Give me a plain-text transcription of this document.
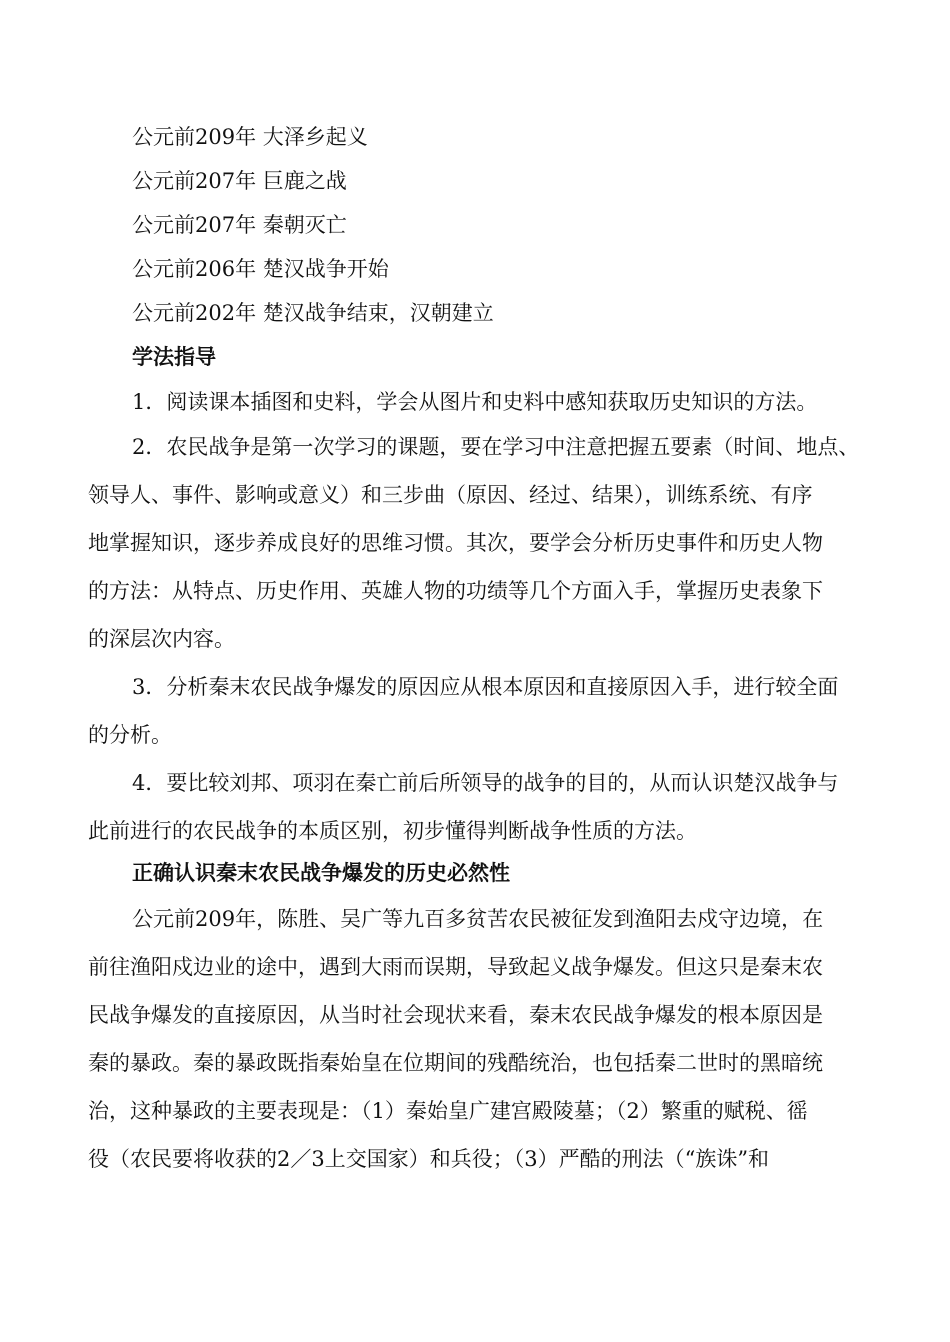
公元前209年 大泽乡起义
公元前207年 巨鹿之战
公元前207年 秦朝灭亡
公元前206年 楚汉战争开始
公元前202年 楚汉战争结束，汉朝建立
学法指导
1．阅读课本插图和史料，学会从图片和史料中感知获取历史知识的方法。
2．农民战争是第一次学习的课题，要在学习中注意把握五要素（时间、地点、
领导人、事件、影响或意义）和三步曲（原因、经过、结果），训练系统、有序
地掌握知识，逐步养成良好的思维习惯。其次，要学会分析历史事件和历史人物
的方法：从特点、历史作用、英雄人物的功绩等几个方面入手，掌握历史表象下
的深层次内容。
3．分析秦末农民战争爆发的原因应从根本原因和直接原因入手，进行较全面
的分析。
4．要比较刘邦、项羽在秦亡前后所领导的战争的目的，从而认识楚汉战争与
此前进行的农民战争的本质区别，初步懂得判断战争性质的方法。
正确认识秦末农民战争爆发的历史必然性
公元前209年，陈胜、吴广等九百多贫苦农民被征发到渔阳去戍守边境，在
前往渔阳戍边业的途中，遇到大雨而误期，导致起义战争爆发。但这只是秦末农
民战争爆发的直接原因，从当时社会现状来看，秦末农民战争爆发的根本原因是
秦的暴政。秦的暴政既指秦始皇在位期间的残酷统治，也包括秦二世时的黑暗统
治，这种暴政的主要表现是：（1）秦始皇广建宫殿陵墓；（2）繁重的赋税、徭
役（农民要将收获的2／3上交国家）和兵役；（3）严酷的刑法（“族诛”和
